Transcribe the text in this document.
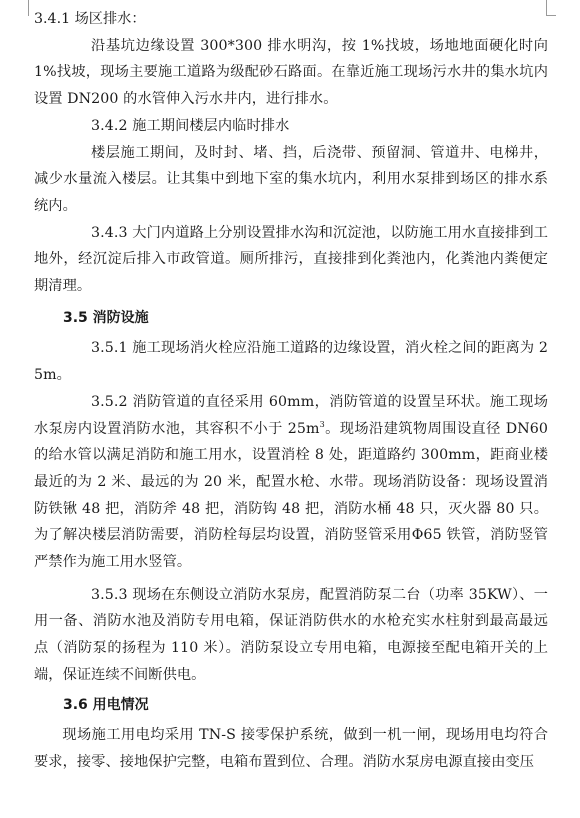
3.4.1 场区排水：

沿基坑边缘设置 300*300 排水明沟，按 1%找坡，场地地面硬化时向 1%找坡，现场主要施工道路为级配砂石路面。在靠近施工现场污水井的集水坑内设置 DN200 的水管伸入污水井内，进行排水。

3.4.2 施工期间楼层内临时排水

楼层施工期间，及时封、堵、挡，后浇带、预留洞、管道井、电梯井，减少水量流入楼层。让其集中到地下室的集水坑内，利用水泵排到场区的排水系统内。

3.4.3 大门内道路上分别设置排水沟和沉淀池，以防施工用水直接排到工地外，经沉淀后排入市政管道。厕所排污，直接排到化粪池内，化粪池内粪便定期清理。

3.5 消防设施

3.5.1 施工现场消火栓应沿施工道路的边缘设置，消火栓之间的距离为 25m。

3.5.2 消防管道的直径采用 60mm，消防管道的设置呈环状。施工现场水泵房内设置消防水池，其容积不小于 $25m^3$。现场沿建筑物周围设直径 DN60 的给水管以满足消防和施工用水，设置消栓 8 处，距道路约 300mm，距商业楼最近的为 2 米、最远的为 20 米，配置水枪、水带。现场消防设备：现场设置消防铁锹 48 把，消防斧 48 把，消防钩 48 把，消防水桶 48 只，灭火器 80 只。为了解决楼层消防需要，消防栓每层均设置，消防竖管采用Φ65 铁管，消防竖管严禁作为施工用水竖管。

3.5.3 现场在东侧设立消防水泵房，配置消防泵二台（功率 35KW）、一用一备、消防水池及消防专用电箱，保证消防供水的水枪充实水柱射到最高最远点（消防泵的扬程为 110 米）。消防泵设立专用电箱，电源接至配电箱开关的上端，保证连续不间断供电。

3.6 用电情况

现场施工用电均采用 TN-S 接零保护系统，做到一机一闸，现场用电均符合要求，接零、接地保护完整，电箱布置到位、合理。消防水泵房电源直接由变压
